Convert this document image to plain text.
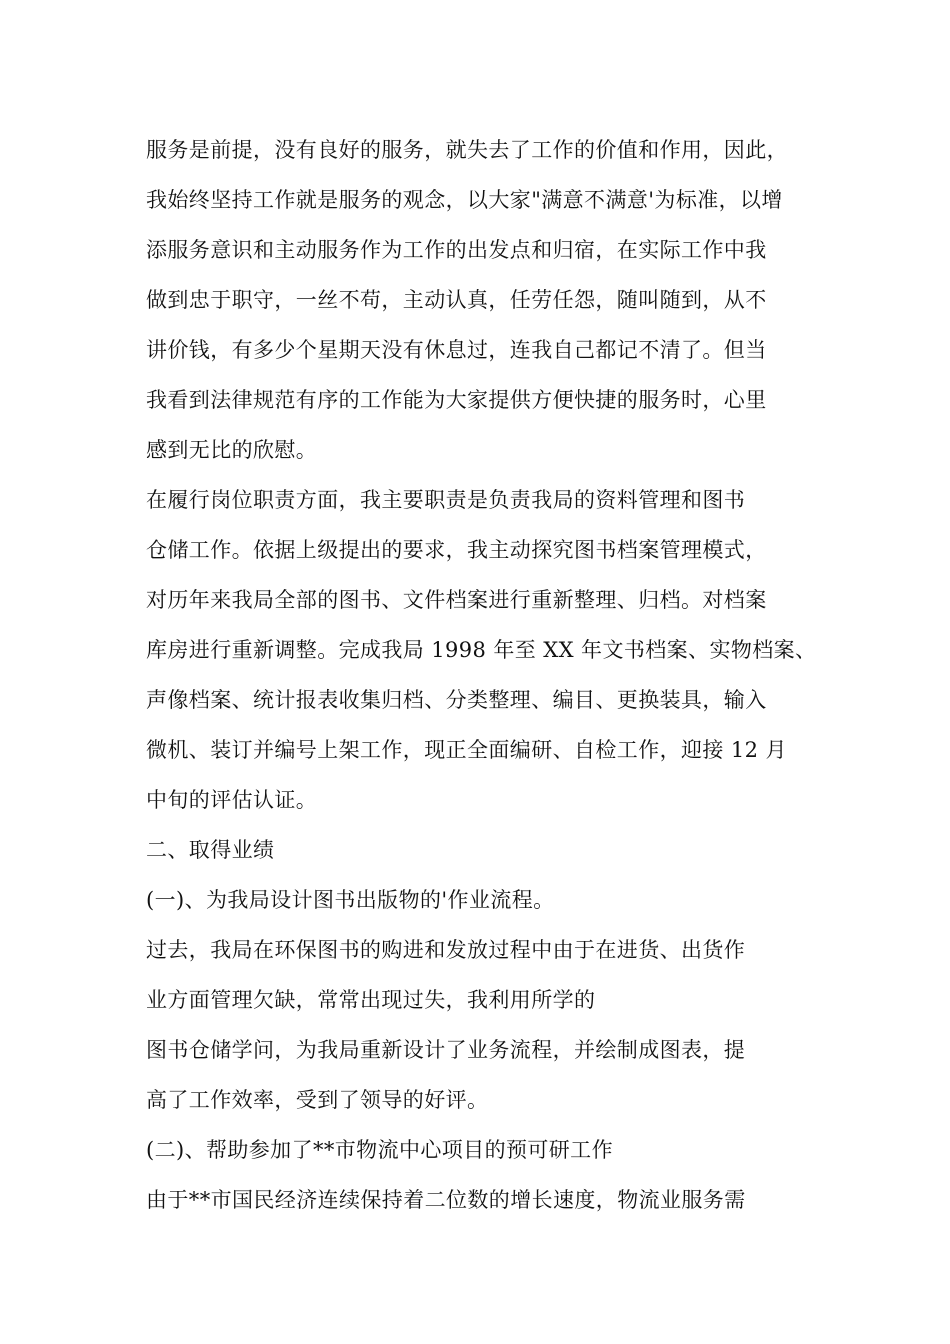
服务是前提，没有良好的服务，就失去了工作的价值和作用，因此，
我始终坚持工作就是服务的观念，以大家"满意不满意'为标准，以增
添服务意识和主动服务作为工作的出发点和归宿，在实际工作中我
做到忠于职守，一丝不苟，主动认真，任劳任怨，随叫随到，从不
讲价钱，有多少个星期天没有休息过，连我自己都记不清了。但当
我看到法律规范有序的工作能为大家提供方便快捷的服务时，心里
感到无比的欣慰。
在履行岗位职责方面，我主要职责是负责我局的资料管理和图书
仓储工作。依据上级提出的要求，我主动探究图书档案管理模式，
对历年来我局全部的图书、文件档案进行重新整理、归档。对档案
库房进行重新调整。完成我局 1998 年至 XX 年文书档案、实物档案、
声像档案、统计报表收集归档、分类整理、编目、更换装具，输入
微机、装订并编号上架工作，现正全面编研、自检工作，迎接 12 月
中旬的评估认证。
二、取得业绩
(一)、为我局设计图书出版物的'作业流程。
过去，我局在环保图书的购进和发放过程中由于在进货、出货作
业方面管理欠缺，常常出现过失，我利用所学的
图书仓储学问，为我局重新设计了业务流程，并绘制成图表，提
高了工作效率，受到了领导的好评。
(二)、帮助参加了**市物流中心项目的预可研工作
由于**市国民经济连续保持着二位数的增长速度，物流业服务需
